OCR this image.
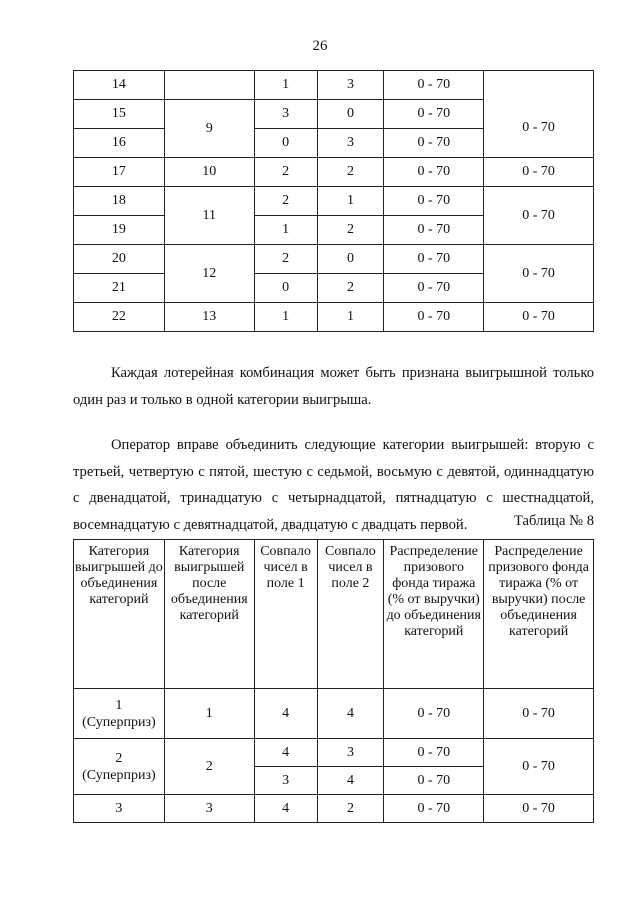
26
14		1	3	0 - 70	
15	9	3	0	0 - 70	0 - 70
16		0	3	0 - 70	
17	10	2	2	0 - 70	0 - 70
18	11	2	1	0 - 70	0 - 70
19		1	2	0 - 70	
20	12	2	0	0 - 70	0 - 70
21		0	2	0 - 70	
22	13	1	1	0 - 70	0 - 70

Каждая лотерейная комбинация может быть признана выигрышной только один раз и только в одной категории выигрыша.

Оператор вправе объединить следующие категории выигрышей: вторую с третьей, четвертую с пятой, шестую с седьмой, восьмую с девятой, одиннадцатую с двенадцатой, тринадцатую с четырнадцатой, пятнадцатую с шестнадцатой, восемнадцатую с девятнадцатой, двадцатую с двадцать первой.	Таблица № 8
Категория выигрышей до объединения категорий	Категория выигрышей после объединения категорий	Совпало чисел в поле 1	Совпало чисел в поле 2	Распределение призового фонда тиража (% от выручки) до объединения категорий	Распределение призового фонда тиража (% от выручки) после объединения категорий

1
(Суперприз)	1	4	4	0 - 70	0 - 70

2
(Суперприз)	2	4	3	0 - 70	0 - 70
		3	4	0 - 70	
3	3	4	2	0 - 70	0 - 70
